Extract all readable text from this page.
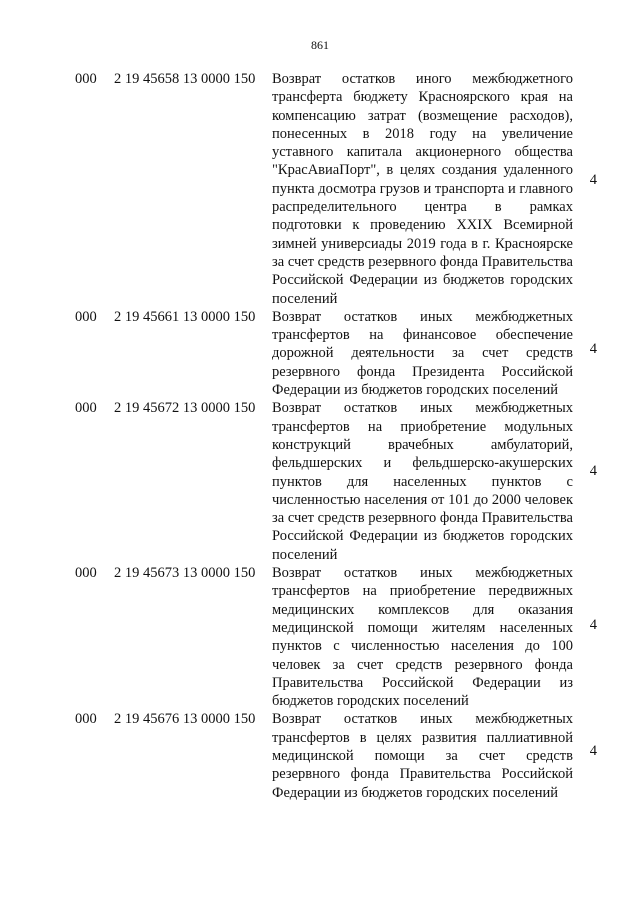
861
000 2 19 45658 13 0000 150 Возврат остатков иного межбюджетного трансферта бюджету Красноярского края на компенсацию затрат (возмещение расходов), понесенных в 2018 году на увеличение уставного капитала акционерного общества "КрасАвиаПорт", в целях создания удаленного пункта досмотра грузов и транспорта и главного распределительного центра в рамках подготовки к проведению XXIX Всемирной зимней универсиады 2019 года в г. Красноярске за счет средств резервного фонда Правительства Российской Федерации из бюджетов городских поселений
4
000 2 19 45661 13 0000 150 Возврат остатков иных межбюджетных трансфертов на финансовое обеспечение дорожной деятельности за счет средств резервного фонда Президента Российской Федерации из бюджетов городских поселений
4
000 2 19 45672 13 0000 150 Возврат остатков иных межбюджетных трансфертов на приобретение модульных конструкций врачебных амбулаторий, фельдшерских и фельдшерско-акушерских пунктов для населенных пунктов с численностью населения от 101 до 2000 человек за счет средств резервного фонда Правительства Российской Федерации из бюджетов городских поселений
4
000 2 19 45673 13 0000 150 Возврат остатков иных межбюджетных трансфертов на приобретение передвижных медицинских комплексов для оказания медицинской помощи жителям населенных пунктов с численностью населения до 100 человек за счет средств резервного фонда Правительства Российской Федерации из бюджетов городских поселений
4
000 2 19 45676 13 0000 150 Возврат остатков иных межбюджетных трансфертов в целях развития паллиативной медицинской помощи за счет средств резервного фонда Правительства Российской Федерации из бюджетов городских поселений
4
